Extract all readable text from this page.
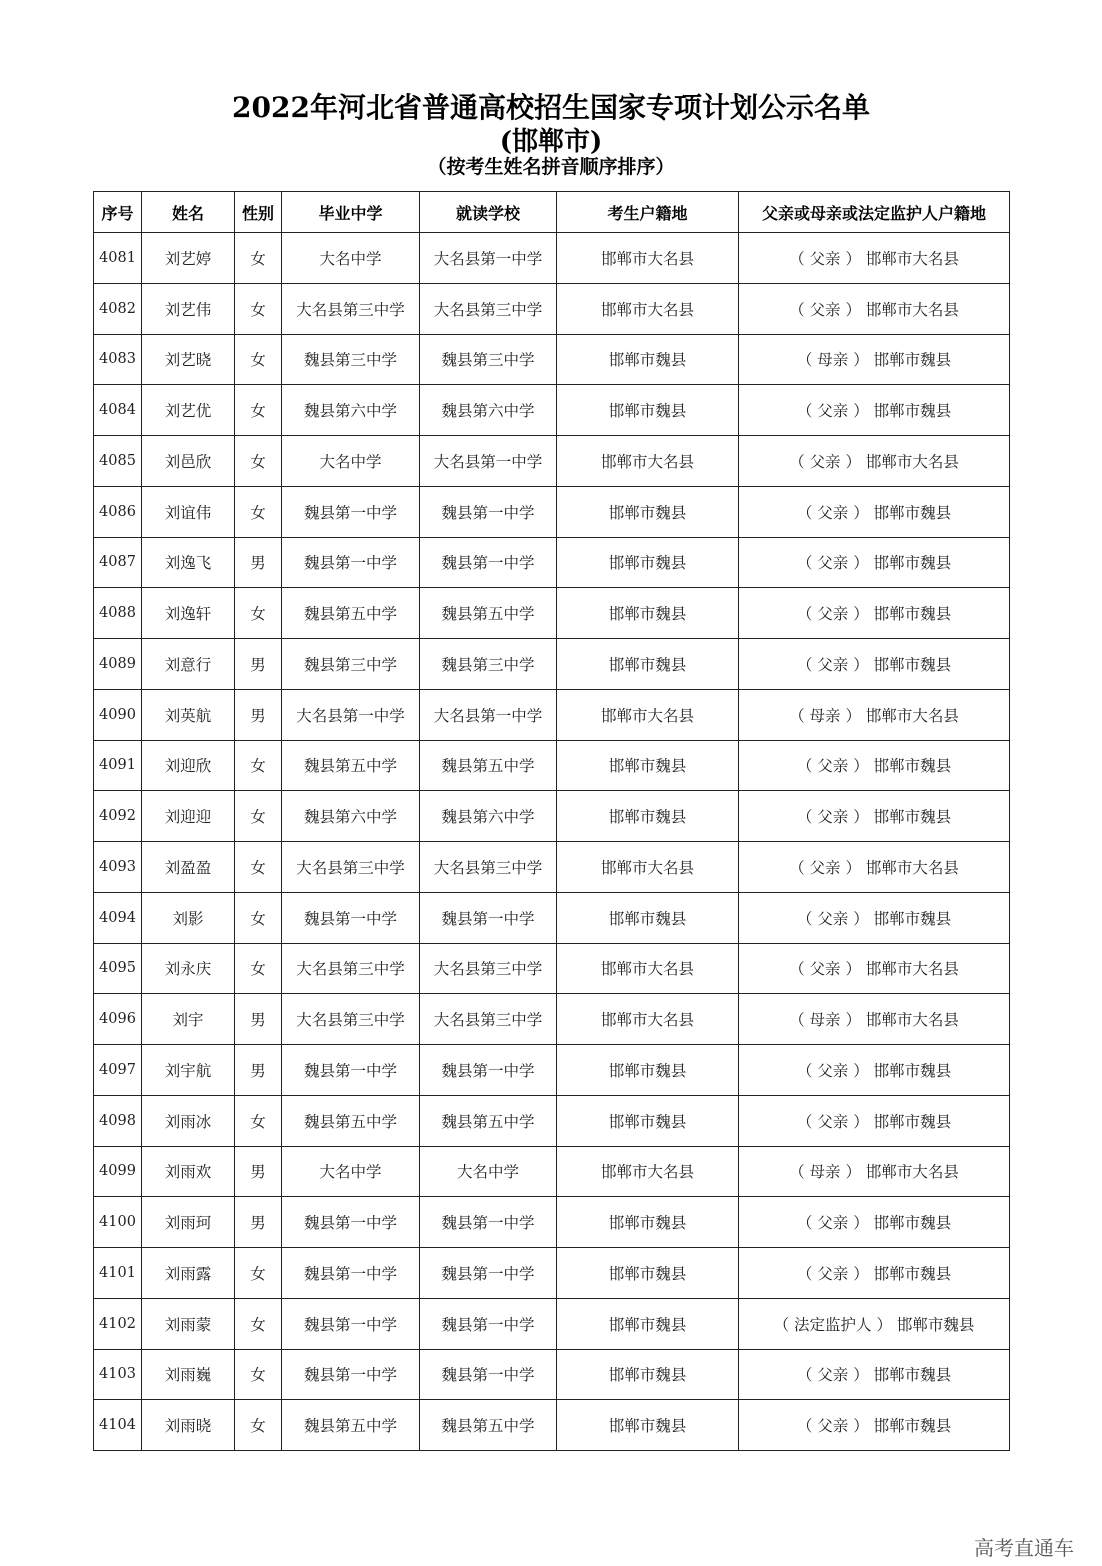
2022年河北省普通高校招生国家专项计划公示名单
(邯郸市)
（按考生姓名拼音顺序排序）
序号	姓名	性别	毕业中学	就读学校	考生户籍地	父亲或母亲或法定监护人户籍地
4081	刘艺婷	女	大名中学	大名县第一中学	邯郸市大名县	（ 父亲 ） 邯郸市大名县
4082	刘艺伟	女	大名县第三中学	大名县第三中学	邯郸市大名县	（ 父亲 ） 邯郸市大名县
4083	刘艺晓	女	魏县第三中学	魏县第三中学	邯郸市魏县	（ 母亲 ） 邯郸市魏县
4084	刘艺优	女	魏县第六中学	魏县第六中学	邯郸市魏县	（ 父亲 ） 邯郸市魏县
4085	刘邑欣	女	大名中学	大名县第一中学	邯郸市大名县	（ 父亲 ） 邯郸市大名县
4086	刘谊伟	女	魏县第一中学	魏县第一中学	邯郸市魏县	（ 父亲 ） 邯郸市魏县
4087	刘逸飞	男	魏县第一中学	魏县第一中学	邯郸市魏县	（ 父亲 ） 邯郸市魏县
4088	刘逸轩	女	魏县第五中学	魏县第五中学	邯郸市魏县	（ 父亲 ） 邯郸市魏县
4089	刘意行	男	魏县第三中学	魏县第三中学	邯郸市魏县	（ 父亲 ） 邯郸市魏县
4090	刘英航	男	大名县第一中学	大名县第一中学	邯郸市大名县	（ 母亲 ） 邯郸市大名县
4091	刘迎欣	女	魏县第五中学	魏县第五中学	邯郸市魏县	（ 父亲 ） 邯郸市魏县
4092	刘迎迎	女	魏县第六中学	魏县第六中学	邯郸市魏县	（ 父亲 ） 邯郸市魏县
4093	刘盈盈	女	大名县第三中学	大名县第三中学	邯郸市大名县	（ 父亲 ） 邯郸市大名县
4094	刘影	女	魏县第一中学	魏县第一中学	邯郸市魏县	（ 父亲 ） 邯郸市魏县
4095	刘永庆	女	大名县第三中学	大名县第三中学	邯郸市大名县	（ 父亲 ） 邯郸市大名县
4096	刘宇	男	大名县第三中学	大名县第三中学	邯郸市大名县	（ 母亲 ） 邯郸市大名县
4097	刘宇航	男	魏县第一中学	魏县第一中学	邯郸市魏县	（ 父亲 ） 邯郸市魏县
4098	刘雨冰	女	魏县第五中学	魏县第五中学	邯郸市魏县	（ 父亲 ） 邯郸市魏县
4099	刘雨欢	男	大名中学	大名中学	邯郸市大名县	（ 母亲 ） 邯郸市大名县
4100	刘雨珂	男	魏县第一中学	魏县第一中学	邯郸市魏县	（ 父亲 ） 邯郸市魏县
4101	刘雨露	女	魏县第一中学	魏县第一中学	邯郸市魏县	（ 父亲 ） 邯郸市魏县
4102	刘雨蒙	女	魏县第一中学	魏县第一中学	邯郸市魏县	（ 法定监护人 ） 邯郸市魏县
4103	刘雨巍	女	魏县第一中学	魏县第一中学	邯郸市魏县	（ 父亲 ） 邯郸市魏县
4104	刘雨晓	女	魏县第五中学	魏县第五中学	邯郸市魏县	（ 父亲 ） 邯郸市魏县
高考直通车
